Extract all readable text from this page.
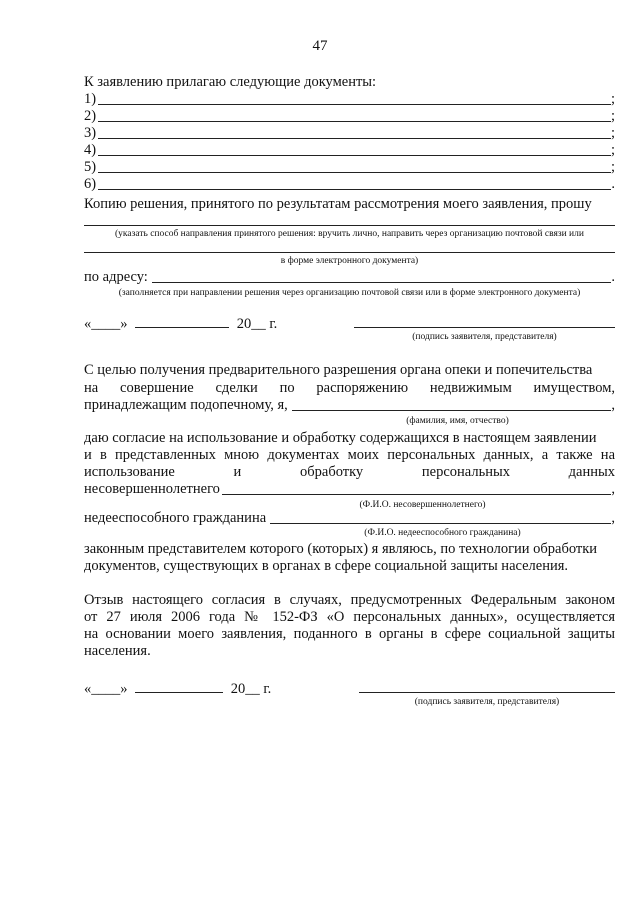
47
К заявлению прилагаю следующие документы:
1)	;
2)	;
3)	;
4)	;
5)	;
6)	.
Копию решения, принятого по результатам рассмотрения моего заявления, прошу
(указать способ направления принятого решения: вручить лично, направить через организацию почтовой связи или
в форме электронного документа)
по адресу:	.
(заполняется при направлении решения через организацию почтовой связи или в форме электронного документа)
«____»	20__ г.
(подпись заявителя, представителя)
С целью получения предварительного разрешения органа опеки и попечительства
на совершение сделки по распоряжению недвижимым имуществом,
принадлежащим подопечному, я,	,
(фамилия, имя, отчество)
даю согласие на использование и обработку содержащихся в настоящем заявлении
и в представленных мною документах моих персональных данных, а также на
использование и обработку персональных данных
несовершеннолетнего	,
(Ф.И.О. несовершеннолетнего)
недееспособного гражданина	,
(Ф.И.О. недееспособного гражданина)
законным представителем которого (которых) я являюсь, по технологии обработки
документов, существующих в органах в сфере социальной защиты населения.
Отзыв настоящего согласия в случаях, предусмотренных Федеральным законом
от 27 июля 2006 года № 152-ФЗ «О персональных данных», осуществляется
на основании моего заявления, поданного в органы в сфере социальной защиты
населения.
«____»	20__ г.
(подпись заявителя, представителя)
